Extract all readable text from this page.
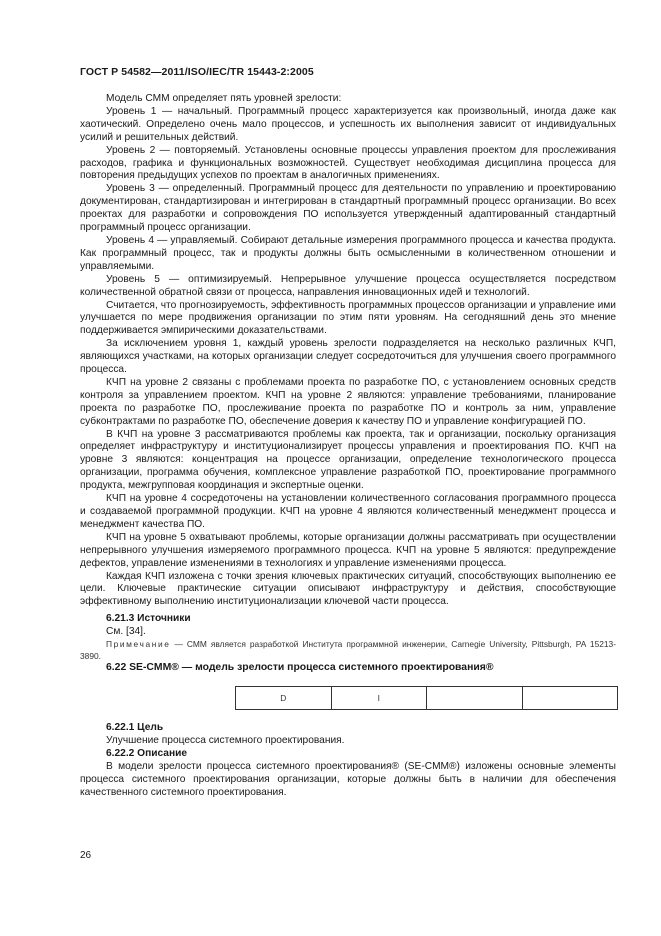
ГОСТ Р 54582—2011/ISO/IEC/TR 15443-2:2005

Модель СММ определяет пять уровней зрелости:

Уровень 1 — начальный. Программный процесс характеризуется как произвольный, иногда даже как хаотический. Определено очень мало процессов, и успешность их выполнения зависит от индивидуальных усилий и решительных действий.

Уровень 2 — повторяемый. Установлены основные процессы управления проектом для прослеживания расходов, графика и функциональных возможностей. Существует необходимая дисциплина процесса для повторения предыдущих успехов по проектам в аналогичных применениях.

Уровень 3 — определенный. Программный процесс для деятельности по управлению и проектированию документирован, стандартизирован и интегрирован в стандартный программный процесс организации. Во всех проектах для разработки и сопровождения ПО используется утвержденный адаптированный стандартный программный процесс организации.

Уровень 4 — управляемый. Собирают детальные измерения программного процесса и качества продукта. Как программный процесс, так и продукты должны быть осмысленными в количественном отношении и управляемыми.

Уровень 5 — оптимизируемый. Непрерывное улучшение процесса осуществляется посредством количественной обратной связи от процесса, направления инновационных идей и технологий.

Считается, что прогнозируемость, эффективность программных процессов организации и управление ими улучшается по мере продвижения организации по этим пяти уровням. На сегодняшний день это мнение поддерживается эмпирическими доказательствами.

За исключением уровня 1, каждый уровень зрелости подразделяется на несколько различных КЧП, являющихся участками, на которых организации следует сосредоточиться для улучшения своего программного процесса.

КЧП на уровне 2 связаны с проблемами проекта по разработке ПО, с установлением основных средств контроля за управлением проектом. КЧП на уровне 2 являются: управление требованиями, планирование проекта по разработке ПО, прослеживание проекта по разработке ПО и контроль за ним, управление субконтрактами по разработке ПО, обеспечение доверия к качеству ПО и управление конфигурацией ПО.

В КЧП на уровне 3 рассматриваются проблемы как проекта, так и организации, поскольку организация определяет инфраструктуру и институционализирует процессы управления и проектирования ПО. КЧП на уровне 3 являются: концентрация на процессе организации, определение технологического процесса организации, программа обучения, комплексное управление разработкой ПО, проектирование программного продукта, межгрупповая координация и экспертные оценки.

КЧП на уровне 4 сосредоточены на установлении количественного согласования программного процесса и создаваемой программной продукции. КЧП на уровне 4 являются количественный менеджмент процесса и менеджмент качества ПО.

КЧП на уровне 5 охватывают проблемы, которые организации должны рассматривать при осуществлении непрерывного улучшения измеряемого программного процесса. КЧП на уровне 5 являются: предупреждение дефектов, управление изменениями в технологиях и управление изменениями процесса.

Каждая КЧП изложена с точки зрения ключевых практических ситуаций, способствующих выполнению ее цели. Ключевые практические ситуации описывают инфраструктуру и действия, способствующие эффективному выполнению институционализации ключевой части процесса.

6.21.3 Источники

См. [34].

Примечание — СММ является разработкой Института программной инженерии, Carnegie University, Pittsburgh, PA 15213-3890.

6.22 SE-CMM® — модель зрелости процесса системного проектирования®

D	I

6.22.1 Цель

Улучшение процесса системного проектирования.

6.22.2 Описание

В модели зрелости процесса системного проектирования® (SE-CMM®) изложены основные элементы процесса системного проектирования организации, которые должны быть в наличии для обеспечения качественного системного проектирования.

26
